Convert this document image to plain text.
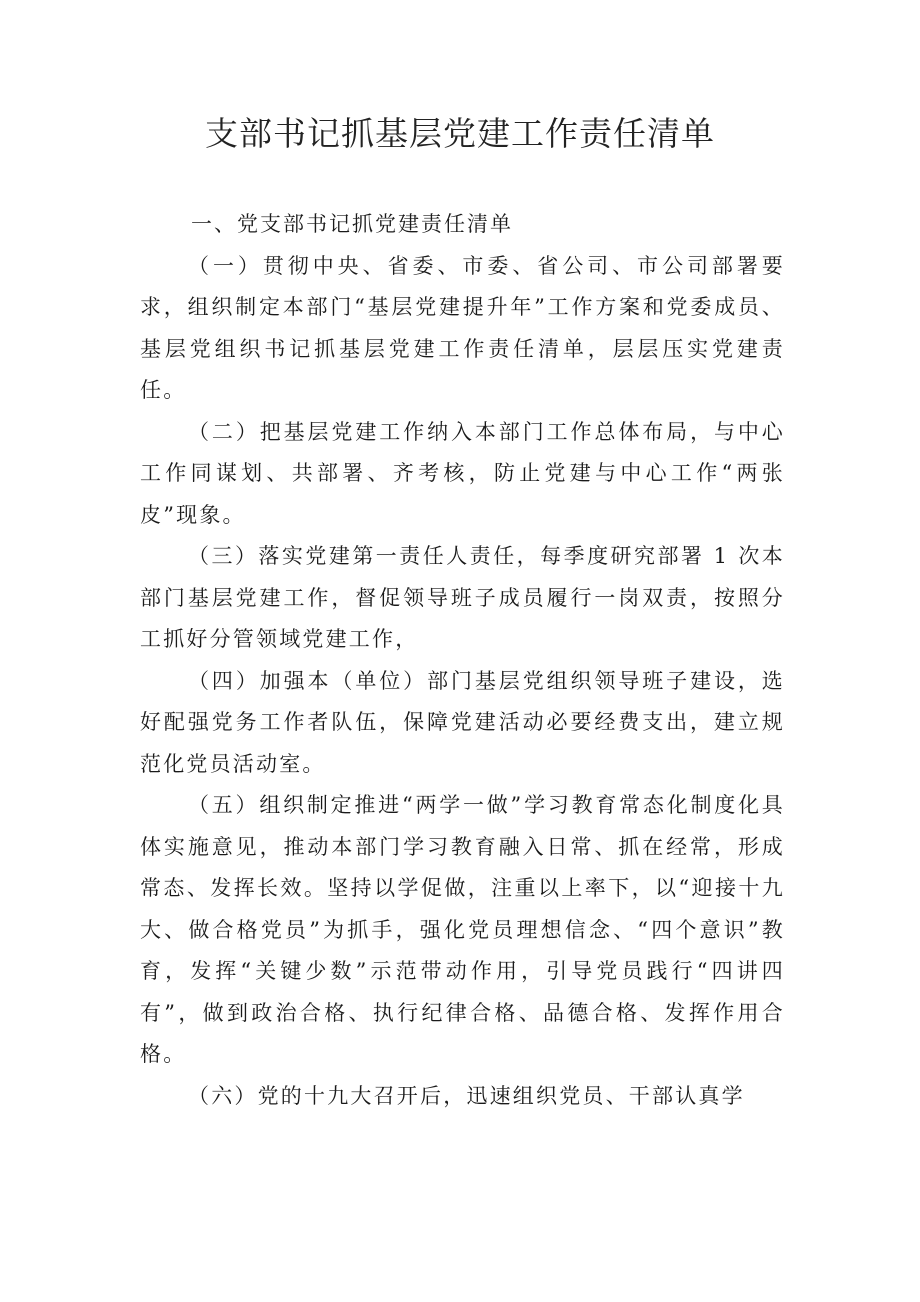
支部书记抓基层党建工作责任清单

一、党支部书记抓党建责任清单

（一）贯彻中央、省委、市委、省公司、市公司部署要求，组织制定本部门“基层党建提升年”工作方案和党委成员、基层党组织书记抓基层党建工作责任清单，层层压实党建责任。

（二）把基层党建工作纳入本部门工作总体布局，与中心工作同谋划、共部署、齐考核，防止党建与中心工作“两张皮”现象。

（三）落实党建第一责任人责任，每季度研究部署 1 次本部门基层党建工作，督促领导班子成员履行一岗双责，按照分工抓好分管领域党建工作，

（四）加强本（单位）部门基层党组织领导班子建设，选好配强党务工作者队伍，保障党建活动必要经费支出，建立规范化党员活动室。

（五）组织制定推进“两学一做”学习教育常态化制度化具体实施意见，推动本部门学习教育融入日常、抓在经常，形成常态、发挥长效。坚持以学促做，注重以上率下，以“迎接十九大、做合格党员”为抓手，强化党员理想信念、“四个意识”教育，发挥“关键少数”示范带动作用，引导党员践行“四讲四有”，做到政治合格、执行纪律合格、品德合格、发挥作用合格。

（六）党的十九大召开后，迅速组织党员、干部认真学
